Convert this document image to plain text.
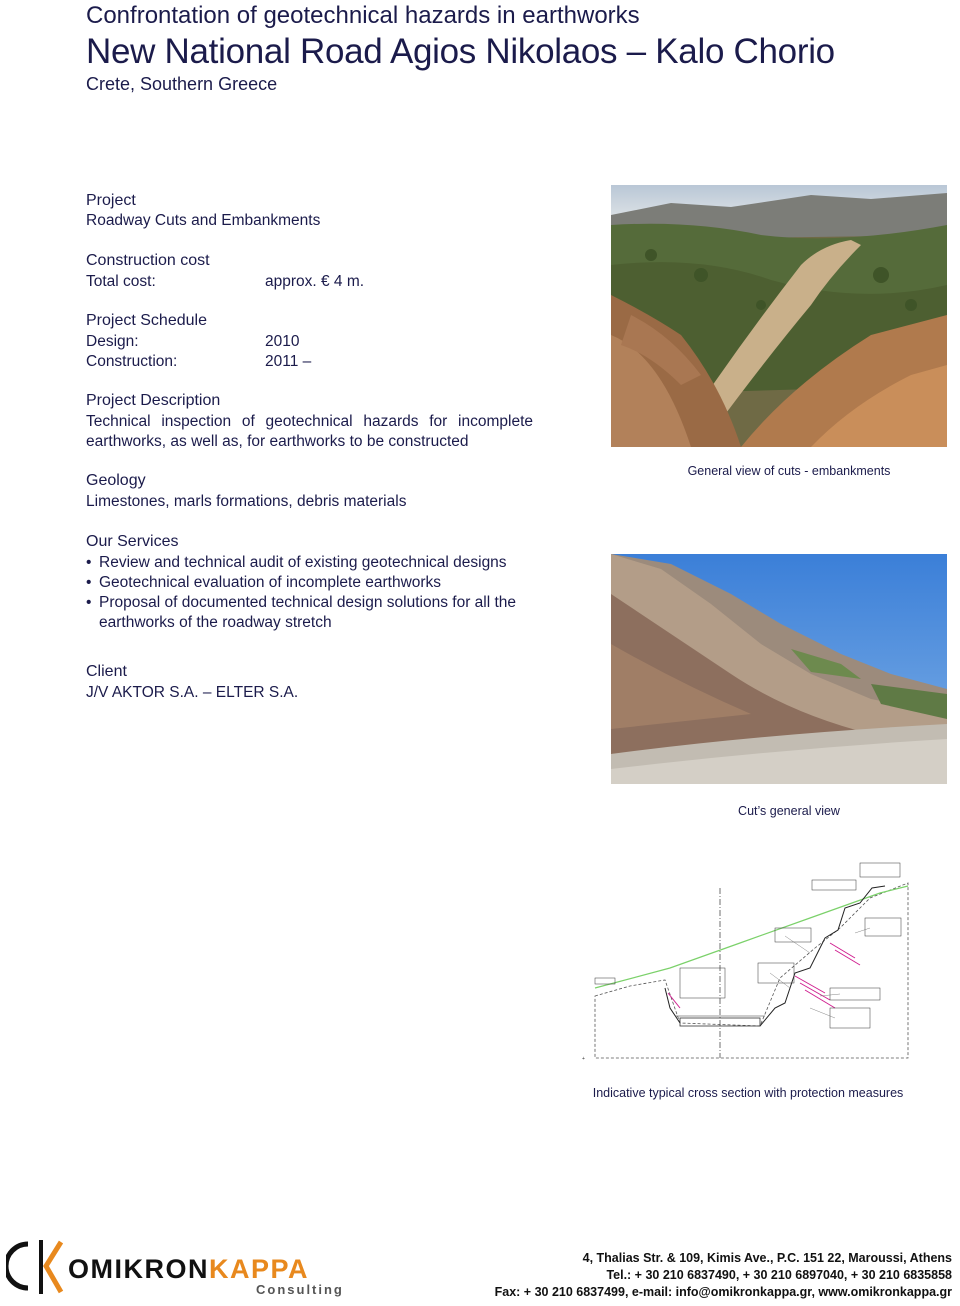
Confrontation of geotechnical hazards in earthworks
New National Road Agios Nikolaos – Kalo Chorio
Crete, Southern Greece
Project
Roadway Cuts and Embankments
Construction cost
Total cost:	approx. € 4 m.
Project Schedule
Design:	2010
Construction:	2011 –
Project Description
Technical inspection of geotechnical hazards for incomplete
earthworks, as well as, for earthworks to be constructed
Geology
Limestones, marls formations, debris materials
Our Services
• Review and technical audit of existing geotechnical designs
• Geotechnical evaluation of incomplete earthworks
• Proposal of documented technical design solutions for all the earthworks of the roadway stretch
Client
J/V AKTOR S.A. – ELTER S.A.
General view of cuts - embankments
Cut’s general view
+
Indicative typical cross section with protection measures
OMIKRONKAPPA
Consulting
4, Thalias Str. & 109, Kimis Ave., P.C. 151 22, Maroussi, Athens
Tel.: + 30 210 6837490, + 30 210 6897040, + 30 210 6835858
Fax: + 30 210 6837499, e-mail: info@omikronkappa.gr, www.omikronkappa.gr
